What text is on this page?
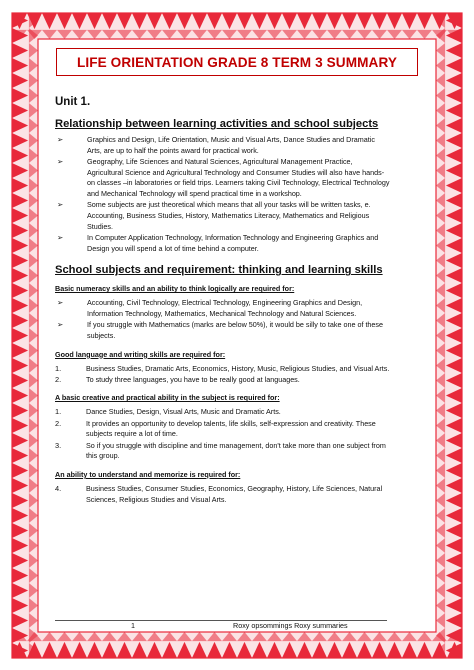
LIFE ORIENTATION GRADE 8 TERM 3 SUMMARY
Unit 1.
Relationship between learning activities and school subjects
➢	Graphics and Design, Life Orientation, Music and Visual Arts, Dance Studies and Dramatic Arts, are up to half the points award for practical work.
➢	Geography, Life Sciences and Natural Sciences, Agricultural Management Practice, Agricultural Science and Agricultural Technology and Consumer Studies will also have hands-on classes –in laboratories or field trips. Learners taking Civil Technology, Electrical Technology and Mechanical Technology will spend practical time in a workshop.
➢	Some subjects are just theoretical which means that all your tasks will be written tasks, e. Accounting, Business Studies, History, Mathematics Literacy, Mathematics and Religious Studies.
➢	In Computer Application Technology, Information Technology and Engineering Graphics and Design you will spend a lot of time behind a computer.
School subjects and requirement: thinking and learning skills
Basic numeracy skills and an ability to think logically are required for:
➢	Accounting, Civil Technology, Electrical Technology, Engineering Graphics and Design, Information Technology, Mathematics, Mechanical Technology and Natural Sciences.
➢	If you struggle with Mathematics (marks are below 50%), it would be silly to take one of these subjects.
Good language and writing skills are required for:
1.	Business Studies, Dramatic Arts, Economics, History, Music, Religious Studies, and Visual Arts.
2.	To study three languages, you have to be really good at languages.
A basic creative and practical ability in the subject is required for:
1.	Dance Studies, Design, Visual Arts, Music and Dramatic Arts.
2.	It provides an opportunity to develop talents, life skills, self-expression and creativity. These subjects require a lot of time.
3.	So if you struggle with discipline and time management, don't take more than one subject from this group.
An ability to understand and memorize is required for:
4.	Business Studies, Consumer Studies, Economics, Geography, History, Life Sciences, Natural Sciences, Religious Studies and Visual Arts.
1	Roxy opsommings Roxy summaries
